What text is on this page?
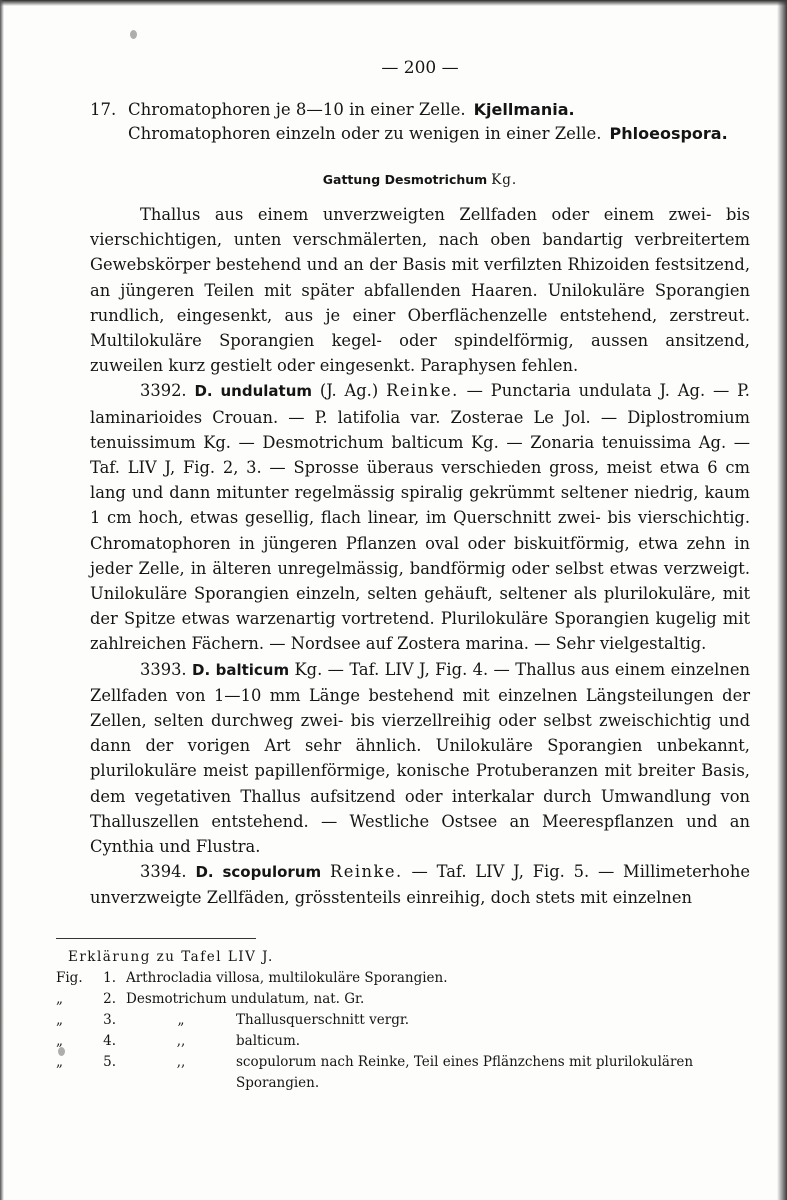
— 200 —

17. Chromatophoren je 8—10 in einer Zelle. Kjellmania.

Chromatophoren einzeln oder zu wenigen in einer Zelle. Phloeospora.

Gattung Desmotrichum Kg.

Thallus aus einem unverzweigten Zellfaden oder einem zwei- bis vierschichtigen, unten verschmälerten, nach oben bandartig verbreitertem Gewebskörper bestehend und an der Basis mit verfilzten Rhizoiden festsitzend, an jüngeren Teilen mit später abfallenden Haaren. Unilokuläre Sporangien rundlich, eingesenkt, aus je einer Oberflächenzelle entstehend, zerstreut. Multilokuläre Sporangien kegel- oder spindelförmig, aussen ansitzend, zuweilen kurz gestielt oder eingesenkt. Paraphysen fehlen.

3392. D. undulatum (J. Ag.) Reinke. — Punctaria undulata J. Ag. — P. laminarioides Crouan. — P. latifolia var. Zosterae Le Jol. — Diplostromium tenuissimum Kg. — Desmotrichum balticum Kg. — Zonaria tenuissima Ag. — Taf. LIV J, Fig. 2, 3. — Sprosse überaus verschieden gross, meist etwa 6 cm lang und dann mitunter regelmässig spiralig gekrümmt seltener niedrig, kaum 1 cm hoch, etwas gesellig, flach linear, im Querschnitt zwei- bis vierschichtig. Chromatophoren in jüngeren Pflanzen oval oder biskuitförmig, etwa zehn in jeder Zelle, in älteren unregelmässig, bandförmig oder selbst etwas verzweigt. Unilokuläre Sporangien einzeln, selten gehäuft, seltener als plurilokuläre, mit der Spitze etwas warzenartig vortretend. Plurilokuläre Sporangien kugelig mit zahlreichen Fächern. — Nordsee auf Zostera marina. — Sehr vielgestaltig.

3393. D. balticum Kg. — Taf. LIV J, Fig. 4. — Thallus aus einem einzelnen Zellfaden von 1—10 mm Länge bestehend mit einzelnen Längsteilungen der Zellen, selten durchweg zwei- bis vierzellreihig oder selbst zweischichtig und dann der vorigen Art sehr ähnlich. Unilokuläre Sporangien unbekannt, plurilokuläre meist papillenförmige, konische Protuberanzen mit breiter Basis, dem vegetativen Thallus aufsitzend oder interkalar durch Umwandlung von Thalluszellen entstehend. — Westliche Ostsee an Meerespflanzen und an Cynthia und Flustra.

3394. D. scopulorum Reinke. — Taf. LIV J, Fig. 5. — Millimeterhohe unverzweigte Zellfäden, grösstenteils einreihig, doch stets mit einzelnen

Erklärung zu Tafel LIV J.
Fig.	1. Arthrocladia villosa, multilokuläre Sporangien.
„	2. Desmotrichum undulatum, nat. Gr.
„	3.	„	Thallusquerschnitt vergr.
„	4.	,,	balticum.
„	5.	,,	scopulorum nach Reinke, Teil eines Pflänzchens mit plurilokulären Sporangien.
